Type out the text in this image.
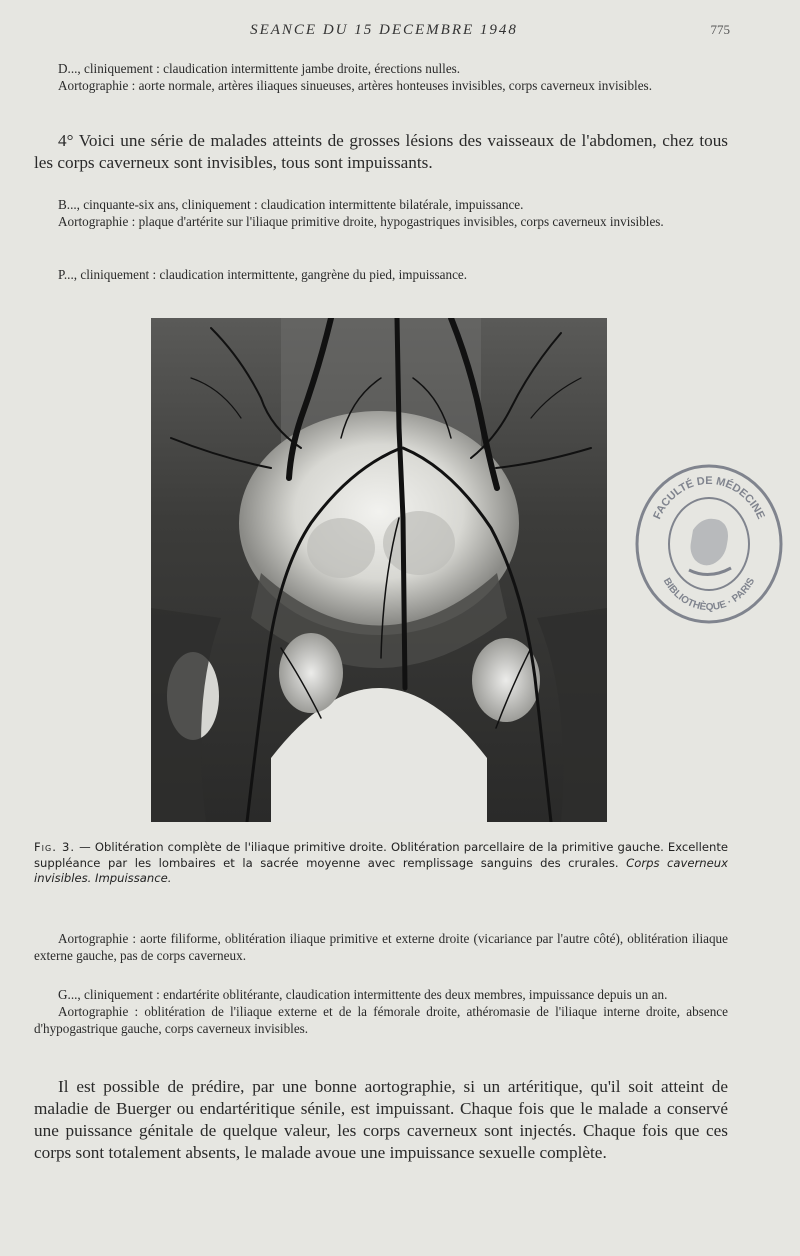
SEANCE DU 15 DECEMBRE 1948	775

D..., cliniquement : claudication intermittente jambe droite, érections nulles.

Aortographie : aorte normale, artères iliaques sinueuses, artères honteuses invisibles, corps caverneux invisibles.

4° Voici une série de malades atteints de grosses lésions des vaisseaux de l'abdomen, chez tous les corps caverneux sont invisibles, tous sont impuissants.

B..., cinquante-six ans, cliniquement : claudication intermittente bilatérale, impuissance.

Aortographie : plaque d'artérite sur l'iliaque primitive droite, hypogastriques invisibles, corps caverneux invisibles.

P..., cliniquement : claudication intermittente, gangrène du pied, impuissance.

Fig. 3. — Oblitération complète de l'iliaque primitive droite. Oblitération parcellaire de la primitive gauche. Excellente suppléance par les lombaires et la sacrée moyenne avec remplissage sanguins des crurales. Corps caverneux invisibles. Impuissance.

FACULTÉ DE MÉDECINE
BIBLIOTHÈQUE · PARIS

Aortographie : aorte filiforme, oblitération iliaque primitive et externe droite (vicariance par l'autre côté), oblitération iliaque externe gauche, pas de corps caverneux.

G..., cliniquement : endartérite oblitérante, claudication intermittente des deux membres, impuissance depuis un an.

Aortographie : oblitération de l'iliaque externe et de la fémorale droite, athéromasie de l'iliaque interne droite, absence d'hypogastrique gauche, corps caverneux invisibles.

Il est possible de prédire, par une bonne aortographie, si un artéritique, qu'il soit atteint de maladie de Buerger ou endartéritique sénile, est impuissant. Chaque fois que le malade a conservé une puissance génitale de quelque valeur, les corps caverneux sont injectés. Chaque fois que ces corps sont totalement absents, le malade avoue une impuissance sexuelle complète.
